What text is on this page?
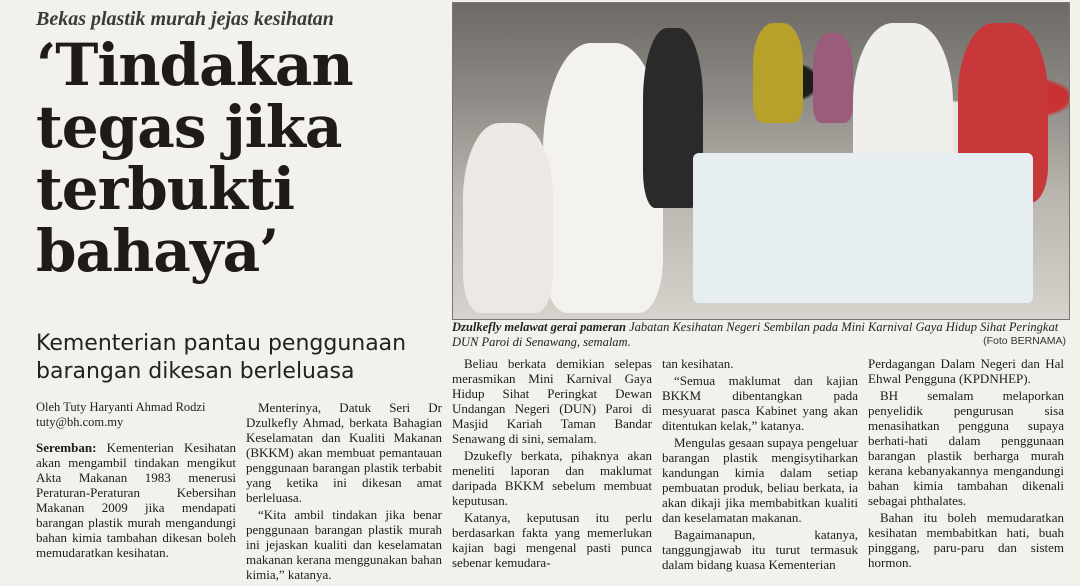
Bekas plastik murah jejas kesihatan
‘Tindakan
tegas jika
terbukti
bahaya’
Kementerian pantau penggunaan barangan dikesan berleluasa
Dzulkefly melawat gerai pameran Jabatan Kesihatan Negeri Sembilan pada Mini Karnival Gaya Hidup Sihat Peringkat DUN Paroi di Senawang, semalam.	(Foto BERNAMA)
Oleh Tuty Haryanti Ahmad Rodzi
tuty@bh.com.my

Seremban: Kementerian Kesihatan akan mengambil tindakan mengikut Akta Makanan 1983 menerusi Peraturan-Peraturan Kebersihan Makanan 2009 jika mendapati barangan plastik murah mengandungi bahan kimia tambahan dikesan boleh memudaratkan kesihatan.

Menterinya, Datuk Seri Dr Dzulkefly Ahmad, berkata Bahagian Keselamatan dan Kualiti Makanan (BKKM) akan membuat pemantauan penggunaan barangan plastik terbabit yang ketika ini dikesan amat berleluasa.

“Kita ambil tindakan jika benar penggunaan barangan plastik murah ini jejaskan kualiti dan keselamatan makanan kerana menggunakan bahan kimia,” katanya.

Beliau berkata demikian selepas merasmikan Mini Karnival Gaya Hidup Sihat Peringkat Dewan Undangan Negeri (DUN) Paroi di Masjid Kariah Taman Bandar Senawang di sini, semalam.

Dzukefly berkata, pihaknya akan meneliti laporan dan maklumat daripada BKKM sebelum membuat keputusan.

Katanya, keputusan itu perlu berdasarkan fakta yang memerlukan kajian bagi mengenal pasti punca sebenar kemudara-

tan kesihatan.

“Semua maklumat dan kajian BKKM dibentangkan pada mesyuarat pasca Kabinet yang akan ditentukan kelak,” katanya.

Mengulas gesaan supaya pengeluar barangan plastik mengisytiharkan kandungan kimia dalam setiap pembuatan produk, beliau berkata, ia akan dikaji jika membabitkan kualiti dan keselamatan makanan.

Bagaimanapun, katanya, tanggungjawab itu turut termasuk dalam bidang kuasa Kementerian

Perdagangan Dalam Negeri dan Hal Ehwal Pengguna (KPDNHEP).

BH semalam melaporkan penyelidik pengurusan sisa menasihatkan pengguna supaya berhati-hati dalam penggunaan barangan plastik berharga murah kerana kebanyakannya mengandungi bahan kimia tambahan dikenali sebagai phthalates.

Bahan itu boleh memudaratkan kesihatan membabitkan hati, buah pinggang, paru-paru dan sistem hormon.
